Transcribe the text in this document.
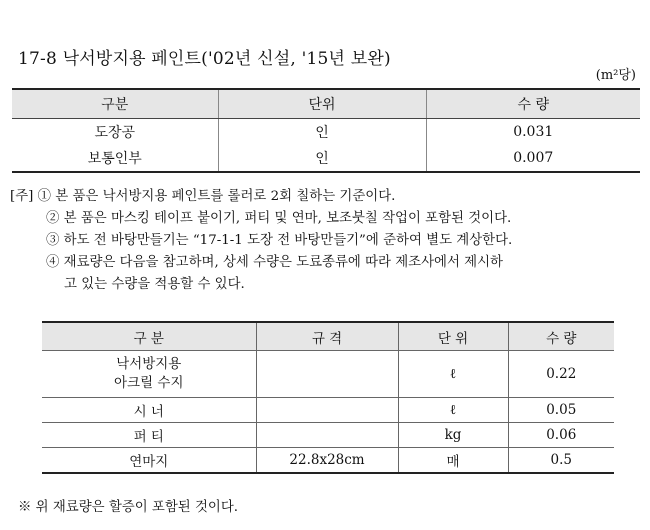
17-8 낙서방지용 페인트('02년 신설, '15년 보완)
(m²당)
구분	단위	수 량
도장공	인	0.031
보통인부	인	0.007
[주] ① 본 품은 낙서방지용 페인트를 롤러로 2회 칠하는 기준이다.
② 본 품은 마스킹 테이프 붙이기, 퍼티 및 연마, 보조붓칠 작업이 포함된 것이다.
③ 하도 전 바탕만들기는 “17-1-1 도장 전 바탕만들기”에 준하여 별도 계상한다.
④ 재료량은 다음을 참고하며, 상세 수량은 도료종류에 따라 제조사에서 제시하
고 있는 수량을 적용할 수 있다.
구 분	규 격	단 위	수 량

낙서방지용
아크릴 수지		ℓ	0.22
시 너		ℓ	0.05
퍼 티		kg	0.06
연마지	22.8x28cm	매	0.5
※ 위 재료량은 할증이 포함된 것이다.
